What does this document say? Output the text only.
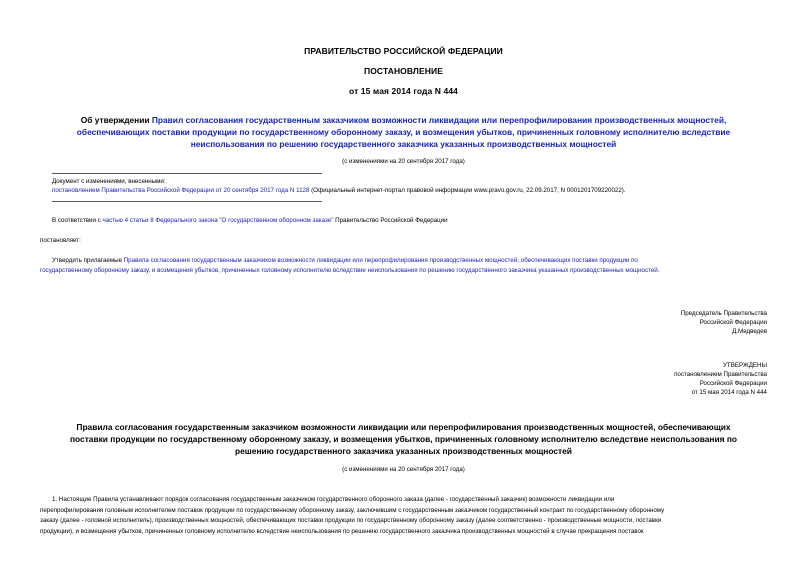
ПРАВИТЕЛЬСТВО РОССИЙСКОЙ ФЕДЕРАЦИИ
ПОСТАНОВЛЕНИЕ
от 15 мая 2014 года N 444
Об утверждении Правил согласования государственным заказчиком возможности ликвидации или перепрофилирования производственных мощностей,
обеспечивающих поставки продукции по государственному оборонному заказу, и возмещения убытков, причиненных головному исполнителю вследствие
неиспользования по решению государственного заказчика указанных производственных мощностей
(с изменениями на 20 сентября 2017 года)
Документ с изменениями, внесенными:
постановлением Правительства Российской Федерации от 20 сентября 2017 года N 1128 (Официальный интернет-портал правовой информации www.pravo.gov.ru, 22.09.2017, N 0001201709220022).
В соответствии с частью 4 статьи 8 Федерального закона "О государственном оборонном заказе" Правительство Российской Федерации
постановляет:
Утвердить прилагаемые Правила согласования государственным заказчиком возможности ликвидации или перепрофилирования производственных мощностей, обеспечивающих поставки продукции по
государственному оборонному заказу, и возмещения убытков, причиненных головному исполнителю вследствие неиспользования по решению государственного заказчика указанных производственных мощностей.
Председатель Правительства
Российской Федерации
Д.Медведев
УТВЕРЖДЕНЫ
постановлением Правительства
Российской Федерации
от 15 мая 2014 года N 444
Правила согласования государственным заказчиком возможности ликвидации или перепрофилирования производственных мощностей, обеспечивающих
поставки продукции по государственному оборонному заказу, и возмещения убытков, причиненных головному исполнителю вследствие неиспользования по
решению государственного заказчика указанных производственных мощностей
(с изменениями на 20 сентября 2017 года)
1. Настоящие Правила устанавливают порядок согласования государственным заказчиком государственного оборонного заказа (далее - государственный заказчик) возможности ликвидации или
перепрофилирования головным исполнителем поставок продукции по государственному оборонному заказу, заключившим с государственным заказчиком государственный контракт по государственному оборонному
заказу (далее - головной исполнитель), производственных мощностей, обеспечивающих поставки продукции по государственному оборонному заказу (далее соответственно - производственные мощности, поставки
продукции), и возмещения убытков, причиненных головному исполнителю вследствие неиспользования по решению государственного заказчика производственных мощностей в случае прекращения поставок
